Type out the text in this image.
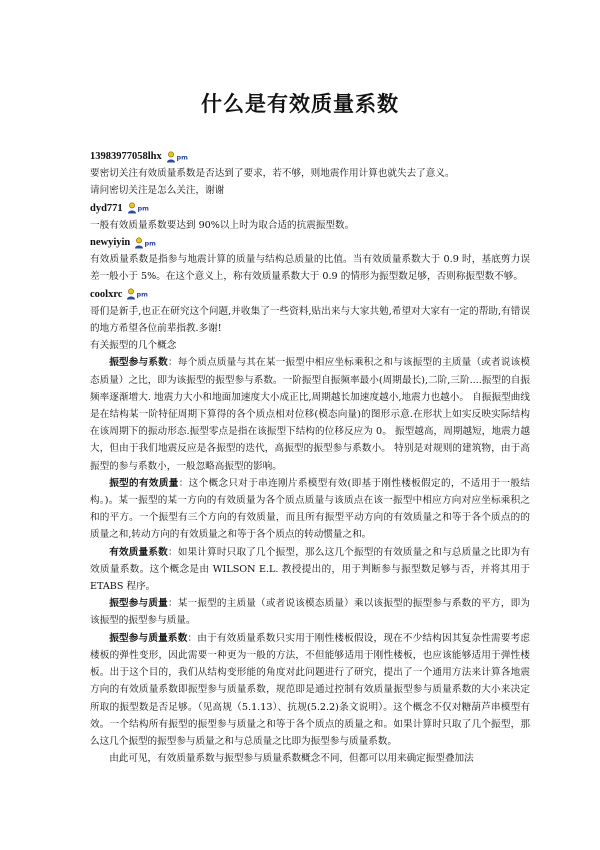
什么是有效质量系数
13983977058lhx pm

要密切关注有效质量系数是否达到了要求，若不够，则地震作用计算也就失去了意义。

请问密切关注是怎么关注，谢谢

dyd771 pm

一般有效质量系数要达到 90%以上时为取合适的抗震振型数。

newyiyin pm

有效质量系数是指参与地震计算的质量与结构总质量的比值。当有效质量系数大于 0.9 时，基底剪力误差一般小于 5%。在这个意义上，称有效质量系数大于 0.9 的情形为振型数足够，否则称振型数不够。

coolxrc pm

哥们是新手,也正在研究这个问题,并收集了一些资料,贴出来与大家共勉,希望对大家有一定的帮助,有错误的地方希望各位前辈指教.多谢!

有关振型的几个概念

振型参与系数：每个质点质量与其在某一振型中相应坐标乘积之和与该振型的主质量（或者说该模态质量）之比，即为该振型的振型参与系数。一阶振型自振频率最小(周期最长),二阶,三阶....振型的自振频率逐渐增大. 地震力大小和地面加速度大小成正比,周期越长加速度越小,地震力也越小。 自振振型曲线是在结构某一阶特征周期下算得的各个质点相对位移(模态向量)的图形示意.在形状上如实反映实际结构在该周期下的振动形态.振型零点是指在该振型下结构的位移反应为 0。 振型越高，周期越短，地震力越大，但由于我们地震反应是各振型的迭代，高振型的振型参与系数小。 特别是对规则的建筑物，由于高振型的参与系数小，一般忽略高振型的影响。

振型的有效质量：这个概念只对于串连刚片系模型有效(即基于刚性楼板假定的，不适用于一般结构。)。某一振型的某一方向的有效质量为各个质点质量与该质点在该一振型中相应方向对应坐标乘积之和的平方。一个振型有三个方向的有效质量，而且所有振型平动方向的有效质量之和等于各个质点的的质量之和,转动方向的有效质量之和等于各个质点的转动惯量之和。

有效质量系数：如果计算时只取了几个振型，那么这几个振型的有效质量之和与总质量之比即为有效质量系数。这个概念是由 WILSON E.L. 教授提出的，用于判断参与振型数足够与否，并将其用于 ETABS 程序。

振型参与质量：某一振型的主质量（或者说该模态质量）乘以该振型的振型参与系数的平方，即为该振型的振型参与质量。

振型参与质量系数：由于有效质量系数只实用于刚性楼板假设，现在不少结构因其复杂性需要考虑楼板的弹性变形，因此需要一种更为一般的方法，不但能够适用于刚性楼板，也应该能够适用于弹性楼板。出于这个目的，我们从结构变形能的角度对此问题进行了研究，提出了一个通用方法来计算各地震方向的有效质量系数即振型参与质量系数，规范即是通过控制有效质量振型参与质量系数的大小来决定所取的振型数是否足够。（见高规（5.1.13）、抗规(5.2.2)条文说明）。这个概念不仅对糖葫芦串模型有效。一个结构所有振型的振型参与质量之和等于各个质点的质量之和。如果计算时只取了几个振型，那么这几个振型的振型参与质量之和与总质量之比即为振型参与质量系数。

由此可见，有效质量系数与振型参与质量系数概念不同，但都可以用来确定振型叠加法
